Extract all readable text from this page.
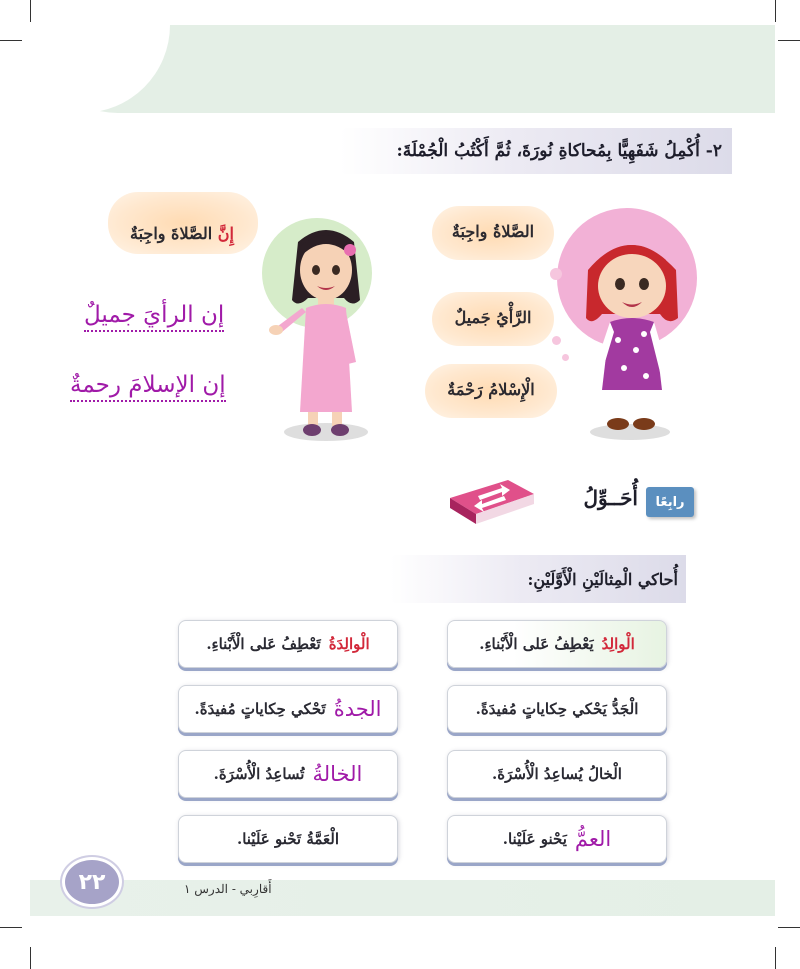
٢- أُكْمِلُ شَفَهِيًّا بِمُحاكاةِ نُورَةَ، ثُمَّ أَكْتُبُ الْجُمْلَةَ:
الصَّلاةُ واجِبَةٌ
الرَّأْيُ جَميلٌ
الْإِسْلامُ رَحْمَةٌ
إِنَّ الصَّلاةَ واجِبَةٌ
إن الرأيَ جميلٌ
إن الإسلامَ رحمةٌ
رابِعًا
أُحَــوِّلُ
أُحاكي الْمِثالَيْنِ الْأَوَّلَيْنِ:
الْوالِدُ
يَعْطِفُ عَلى الْأَبْناءِ.
الْجَدُّ يَحْكي حِكاياتٍ مُفيدَةً.
الْخالُ يُساعِدُ الْأُسْرَةَ.
العمُّ
يَحْنو عَلَيْنا.
الْوالِدَةُ
تَعْطِفُ عَلى الْأَبْناءِ.
الجدةُ
تَحْكي حِكاياتٍ مُفيدَةً.
الخالةُ
تُساعِدُ الْأُسْرَةَ.
الْعَمَّةُ تَحْنو عَلَيْنا.
٢٢	أَقارِبي - الدرس ١
